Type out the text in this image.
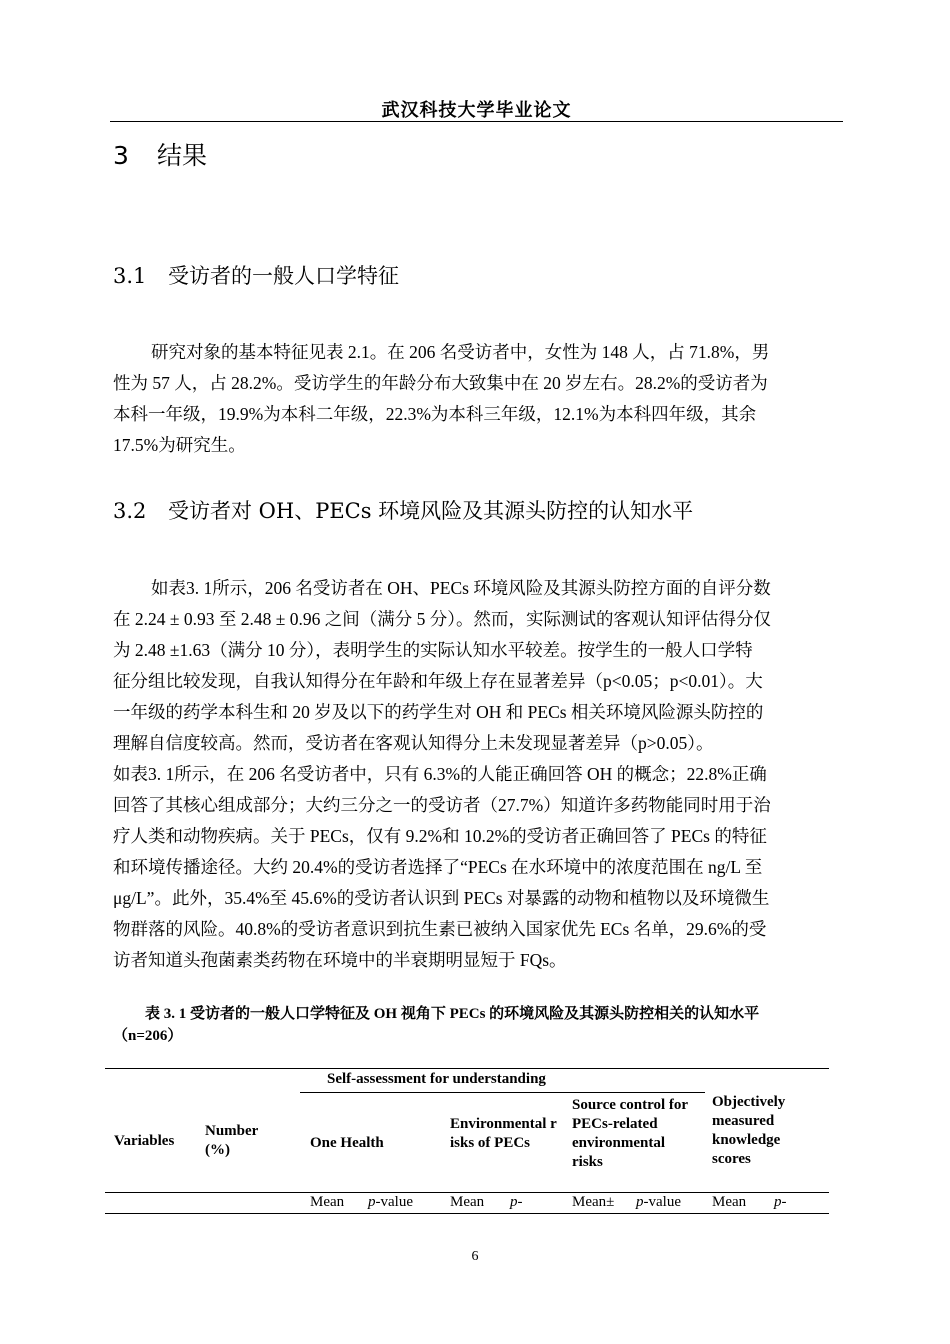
武汉科技大学毕业论文
3 结果
3.1 受访者的一般人口学特征
研究对象的基本特征见表 2.1。在 206 名受访者中，女性为 148 人，占 71.8%，男
性为 57 人，占 28.2%。受访学生的年龄分布大致集中在 20 岁左右。28.2%的受访者为
本科一年级，19.9%为本科二年级，22.3%为本科三年级，12.1%为本科四年级，其余
17.5%为研究生。
3.2 受访者对 OH、PECs 环境风险及其源头防控的认知水平
如表3. 1所示，206 名受访者在 OH、PECs 环境风险及其源头防控方面的自评分数
在 2.24 ± 0.93 至 2.48 ± 0.96 之间（满分 5 分）。然而，实际测试的客观认知评估得分仅
为 2.48 ±1.63（满分 10 分），表明学生的实际认知水平较差。按学生的一般人口学特
征分组比较发现，自我认知得分在年龄和年级上存在显著差异（p<0.05；p<0.01）。大
一年级的药学本科生和 20 岁及以下的药学生对 OH 和 PECs 相关环境风险源头防控的
理解自信度较高。然而，受访者在客观认知得分上未发现显著差异（p>0.05）。
如表3. 1所示，在 206 名受访者中，只有 6.3%的人能正确回答 OH 的概念；22.8%正确
回答了其核心组成部分；大约三分之一的受访者（27.7%）知道许多药物能同时用于治
疗人类和动物疾病。关于 PECs，仅有 9.2%和 10.2%的受访者正确回答了 PECs 的特征
和环境传播途径。大约 20.4%的受访者选择了“PECs 在水环境中的浓度范围在 ng/L 至
μg/L”。此外，35.4%至 45.6%的受访者认识到 PECs 对暴露的动物和植物以及环境微生
物群落的风险。40.8%的受访者意识到抗生素已被纳入国家优先 ECs 名单，29.6%的受
访者知道头孢菌素类药物在环境中的半衰期明显短于 FQs。
表 3. 1 受访者的一般人口学特征及 OH 视角下 PECs 的环境风险及其源头防控相关的认知水平
（n=206）
Self-assessment for understanding
Variables
Number (%)	One Health
Environmental risks of PECs
Source control for PECs-related environmental risks
Objectively measured knowledge scores
Mean p-value Mean p-	Mean± p-value Mean p-
6
